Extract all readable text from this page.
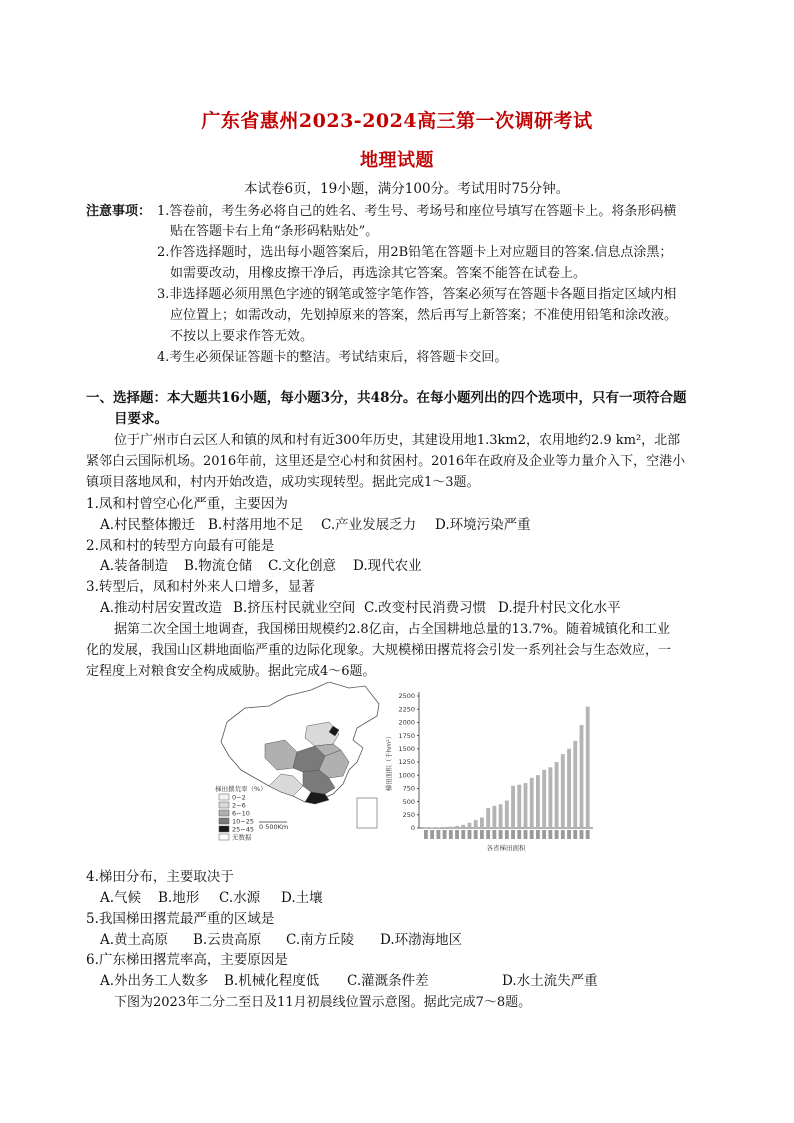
广东省惠州2023-2024高三第一次调研考试
地理试题
本试卷6页，19小题，满分100分。考试用时75分钟。
注意事项： 1.答卷前，考生务必将自己的姓名、考生号、考场号和座位号填写在答题卡上。将条形码横
贴在答题卡右上角“条形码粘贴处”。
2.作答选择题时，选出每小题答案后，用2B铅笔在答题卡上对应题目的答案.信息点涂黑；
如需要改动，用橡皮擦干净后，再选涂其它答案。答案不能答在试卷上。
3.非选择题必须用黑色字迹的钢笔或签字笔作答，答案必须写在答题卡各题目指定区域内相
应位置上；如需改动，先划掉原来的答案，然后再写上新答案；不准使用铅笔和涂改液。
不按以上要求作答无效。
4.考生必须保证答题卡的整洁。考试结束后，将答题卡交回。
一、选择题：本大题共16小题，每小题3分，共48分。在每小题列出的四个选项中，只有一项符合题
目要求。
位于广州市白云区人和镇的凤和村有近300年历史，其建设用地1.3km2，农用地约2.9 km²，北部
紧邻白云国际机场。2016年前，这里还是空心村和贫困村。2016年在政府及企业等力量介入下，空港小
镇项目落地凤和，村内开始改造，成功实现转型。据此完成1～3题。
1.凤和村曾空心化严重，主要因为
A.村民整体搬迁 B.村落用地不足 C.产业发展乏力 D.环境污染严重
2.凤和村的转型方向最有可能是
A.装备制造 B.物流仓储 C.文化创意 D.现代农业
3.转型后，凤和村外来人口增多，显著
A.推动村居安置改造 B.挤压村民就业空间 C.改变村民消费习惯 D.提升村民文化水平
据第二次全国土地调查，我国梯田规模约2.8亿亩，占全国耕地总量的13.7%。随着城镇化和工业
化的发展，我国山区耕地面临严重的边际化现象。大规模梯田撂荒将会引发一系列社会与生态效应，一
定程度上对粮食安全构成威胁。据此完成4～6题。
0 500Km
梯田撂荒率（%）
0~2
2~6
6~10
10~25
25~45
无数据
0
250
500
750
1000
1250
1500
1750
2000
2250
2500
梯田面积（千hm²）
各省梯田面积
4.梯田分布，主要取决于
A.气候 B.地形 C.水源 D.土壤
5.我国梯田撂荒最严重的区域是
A.黄土高原 B.云贵高原 C.南方丘陵 D.环渤海地区
6.广东梯田撂荒率高，主要原因是
A.外出务工人数多 B.机械化程度低 C.灌溉条件差	D.水土流失严重
下图为2023年二分二至日及11月初晨线位置示意图。据此完成7～8题。
